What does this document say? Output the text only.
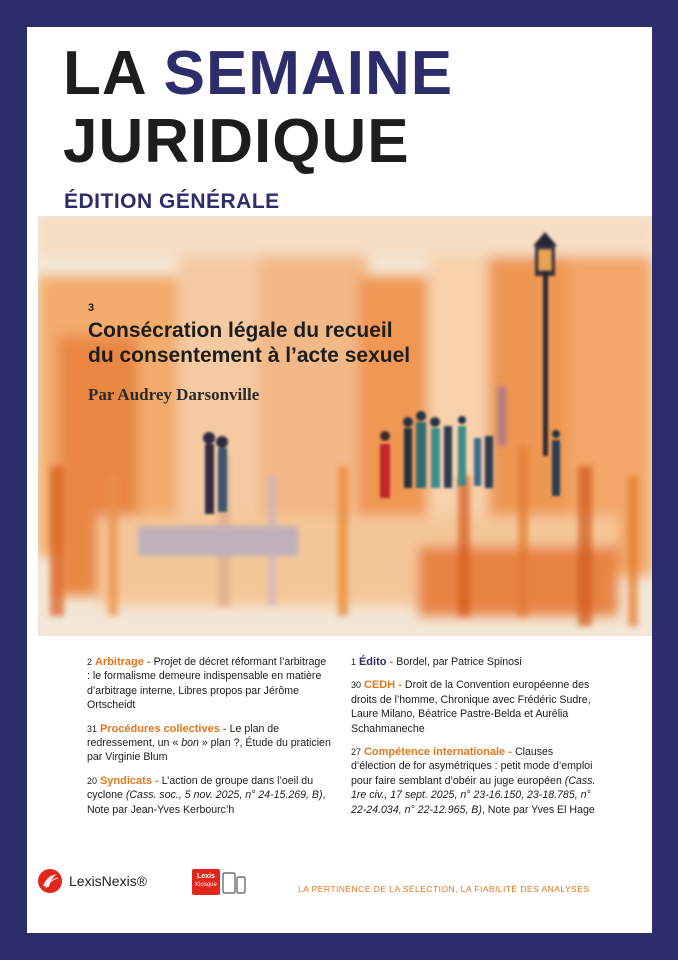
LA SEMAINE
JURIDIQUE
ÉDITION GÉNÉRALE
3
Consécration légale du recueil
du consentement à l’acte sexuel
Par Audrey Darsonville
2 Arbitrage - Projet de décret réformant l’arbitrage : le formalisme demeure indispensable en matière d’arbitrage interne, Libres propos par Jérôme Ortscheidt
31 Procédures collectives - Le plan de redressement, un « bon » plan ?, Étude du praticien par Virginie Blum
20 Syndicats - L’action de groupe dans l’oeil du cyclone (Cass. soc., 5 nov. 2025, n° 24-15.269, B), Note par Jean-Yves Kerbourc’h
1 Édito - Bordel, par Patrice Spinosi
30 CEDH - Droit de la Convention européenne des droits de l’homme, Chronique avec Frédéric Sudre, Laure Milano, Béatrice Pastre-Belda et Aurélia Schahmaneche
27 Compétence internationale - Clauses d’élection de for asymétriques : petit mode d’emploi pour faire semblant d’obéir au juge européen (Cass. 1re civ., 17 sept. 2025, n° 23-16.150, 23-18.785, n° 22-24.034, n° 22-12.965, B), Note par Yves El Hage
LexisNexis®	Lexis
Kiosque	LA PERTINENCE DE LA SÉLECTION, LA FIABILITÉ DES ANALYSES
